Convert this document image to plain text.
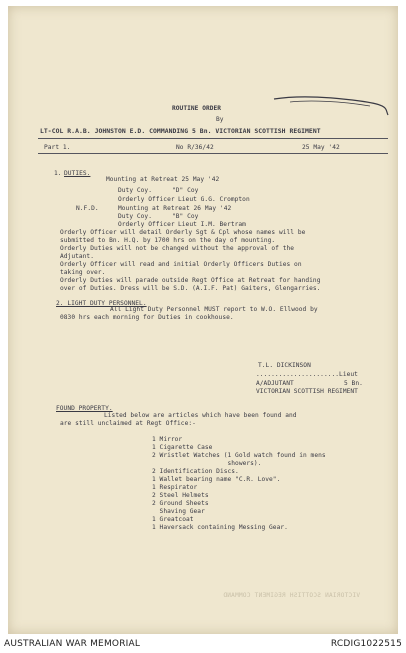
ROUTINE ORDER
By
LT-COL R.A.B. JOHNSTON E.D. COMMANDING 5 Bn. VICTORIAN SCOTTISH REGIMENT
Part 1.	No R/36/42	25 May '42
1. DUTIES.
Mounting at Retreat 25 May '42
Duty Coy.	"D" Coy
Orderly Officer Lieut G.G. Crompton
N.F.D.	Mounting at Retreat 26 May '42
Duty Coy.	"B" Coy
Orderly Officer Lieut I.M. Bertram
Orderly Officer will detail Orderly Sgt & Cpl whose names will be
submitted to Bn. H.Q. by 1700 hrs on the day of mounting.
Orderly Duties will not be changed without the approval of the
Adjutant.
Orderly Officer will read and initial Orderly Officers Duties on
taking over.
Orderly Duties will parade outside Regt Office at Retreat for handing
over of Duties. Dress will be S.D. (A.I.F. Pat) Gaiters, Glengarries.
2. LIGHT DUTY PERSONNEL.
All Light Duty Personnel MUST report to W.O. Ellwood by
0830 hrs each morning for Duties in cookhouse.
T.L. DICKINSON
......................Lieut
A/ADJUTANT	5 Bn.
VICTORIAN SCOTTISH REGIMENT
FOUND PROPERTY.
Listed below are articles which have been found and
are still unclaimed at Regt Office:-
1 Mirror
1 Cigarette Case
2 Wristlet Watches (1 Gold watch found in mens
showers).
2 Identification Discs.
1 Wallet bearing name "C.R. Love".
1 Respirator
2 Steel Helmets
2 Ground Sheets
Shaving Gear
1 Greatcoat
1 Haversack containing Messing Gear.
VICTORIAN SCOTTISH REGIMENT COMMAND
AUSTRALIAN WAR MEMORIAL	RCDIG1022515
